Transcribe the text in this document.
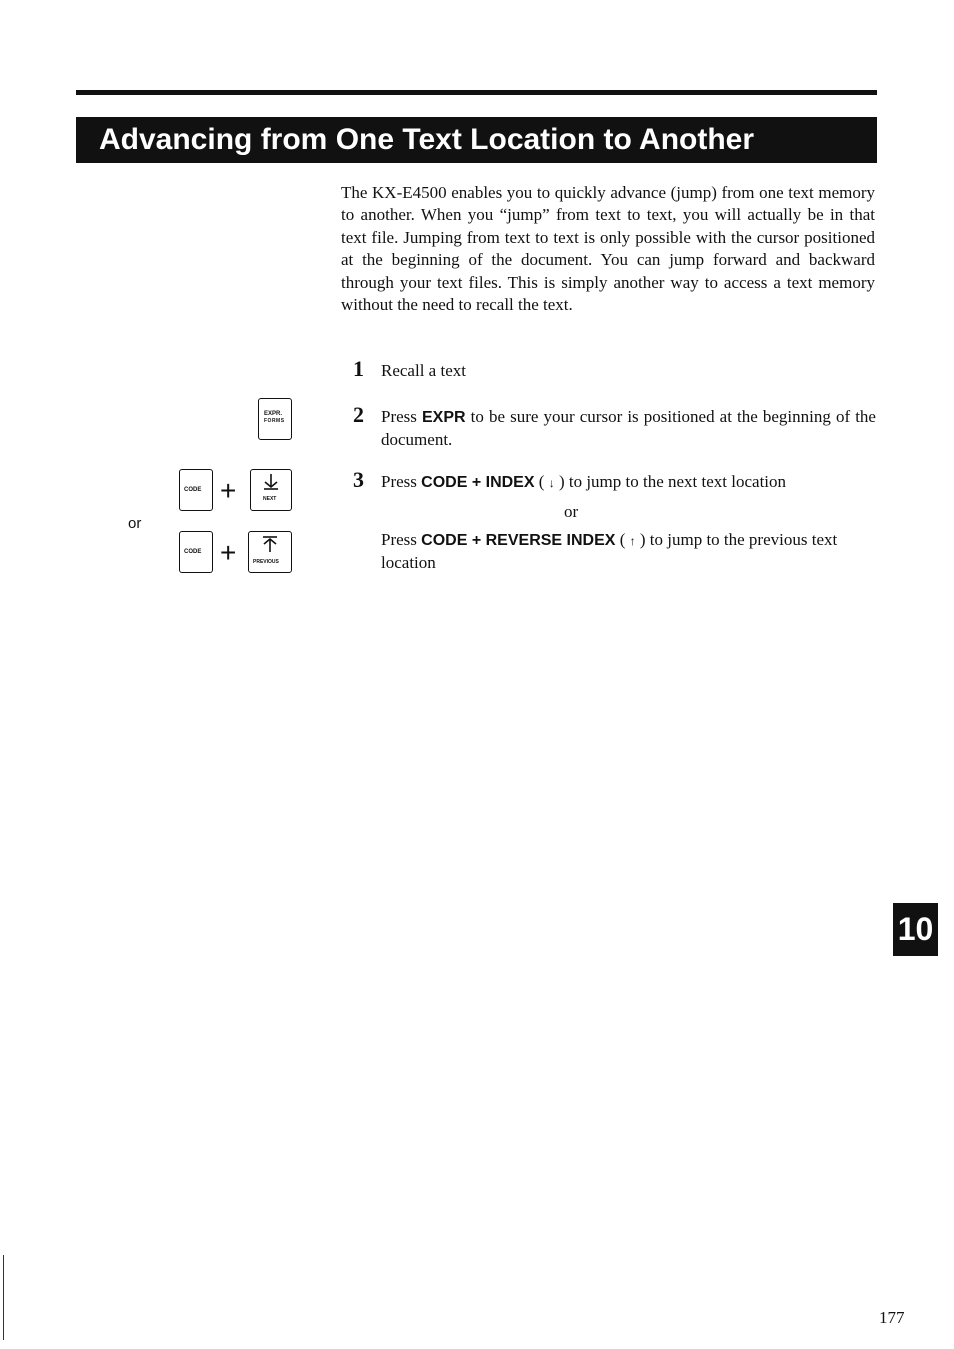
Advancing from One Text Location to Another
The KX-E4500 enables you to quickly advance (jump) from one text memory to another. When you “jump” from text to text, you will actually be in that text file. Jumping from text to text is only possible with the cursor positioned at the beginning of the document. You can jump forward and backward through your text files. This is simply another way to access a text memory without the need to recall the text.
1	Recall a text
2	Press EXPR to be sure your cursor is positioned at the beginning of the document.
3	Press CODE + INDEX ( ↓ ) to jump to the next text location
or
Press CODE + REVERSE INDEX ( ↑ ) to jump to the previous text location
EXPR.
FORMS
CODE +	NEXT
or
CODE +	PREVIOUS
10
177
